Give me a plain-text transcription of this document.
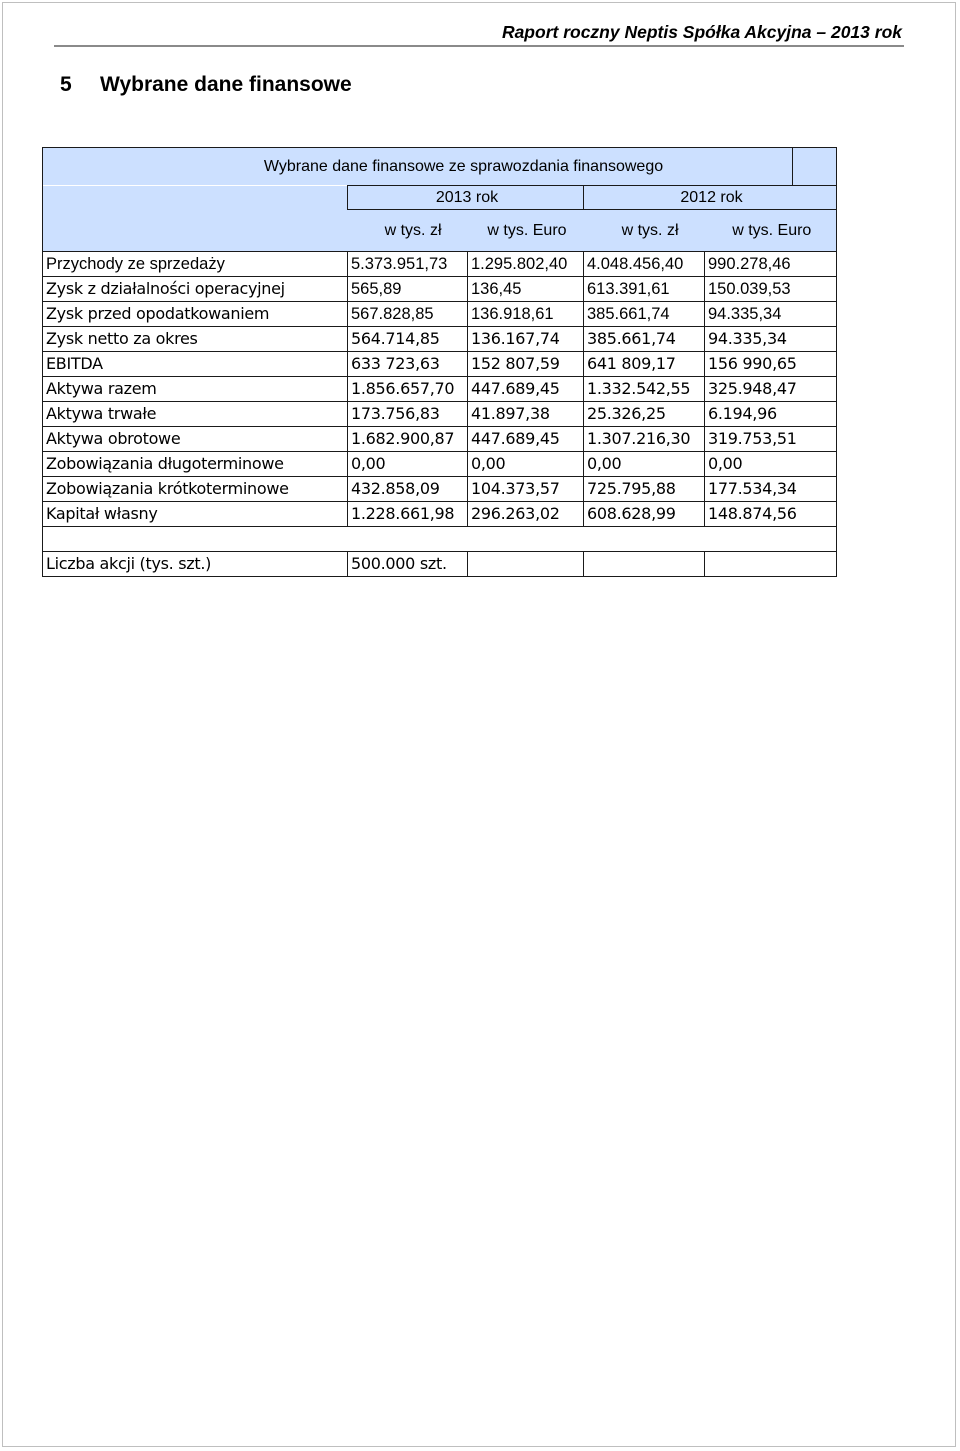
Raport roczny Neptis Spółka Akcyjna – 2013 rok
5 Wybrane dane finansowe
Wybrane dane finansowe ze sprawozdania finansowego					
	2013 rok		2012 rok		
	w tys. zł	w tys. Euro	w tys. zł	w tys. Euro	
Przychody ze sprzedaży	5.373.951,73	1.295.802,40	4.048.456,40	990.278,46	
Zysk z działalności operacyjnej	565,89	136,45	613.391,61	150.039,53	
Zysk przed opodatkowaniem	567.828,85	136.918,61	385.661,74	94.335,34	
Zysk netto za okres	564.714,85	136.167,74	385.661,74	94.335,34	
EBITDA	633 723,63	152 807,59	641 809,17	156 990,65	
Aktywa razem	1.856.657,70	447.689,45	1.332.542,55	325.948,47	
Aktywa trwałe	173.756,83	41.897,38	25.326,25	6.194,96	
Aktywa obrotowe	1.682.900,87	447.689,45	1.307.216,30	319.753,51	
Zobowiązania długoterminowe	0,00	0,00	0,00	0,00	
Zobowiązania krótkoterminowe	432.858,09	104.373,57	725.795,88	177.534,34	
Kapitał własny	1.228.661,98	296.263,02	608.628,99	148.874,56	

Liczba akcji (tys. szt.)	500.000 szt.				
